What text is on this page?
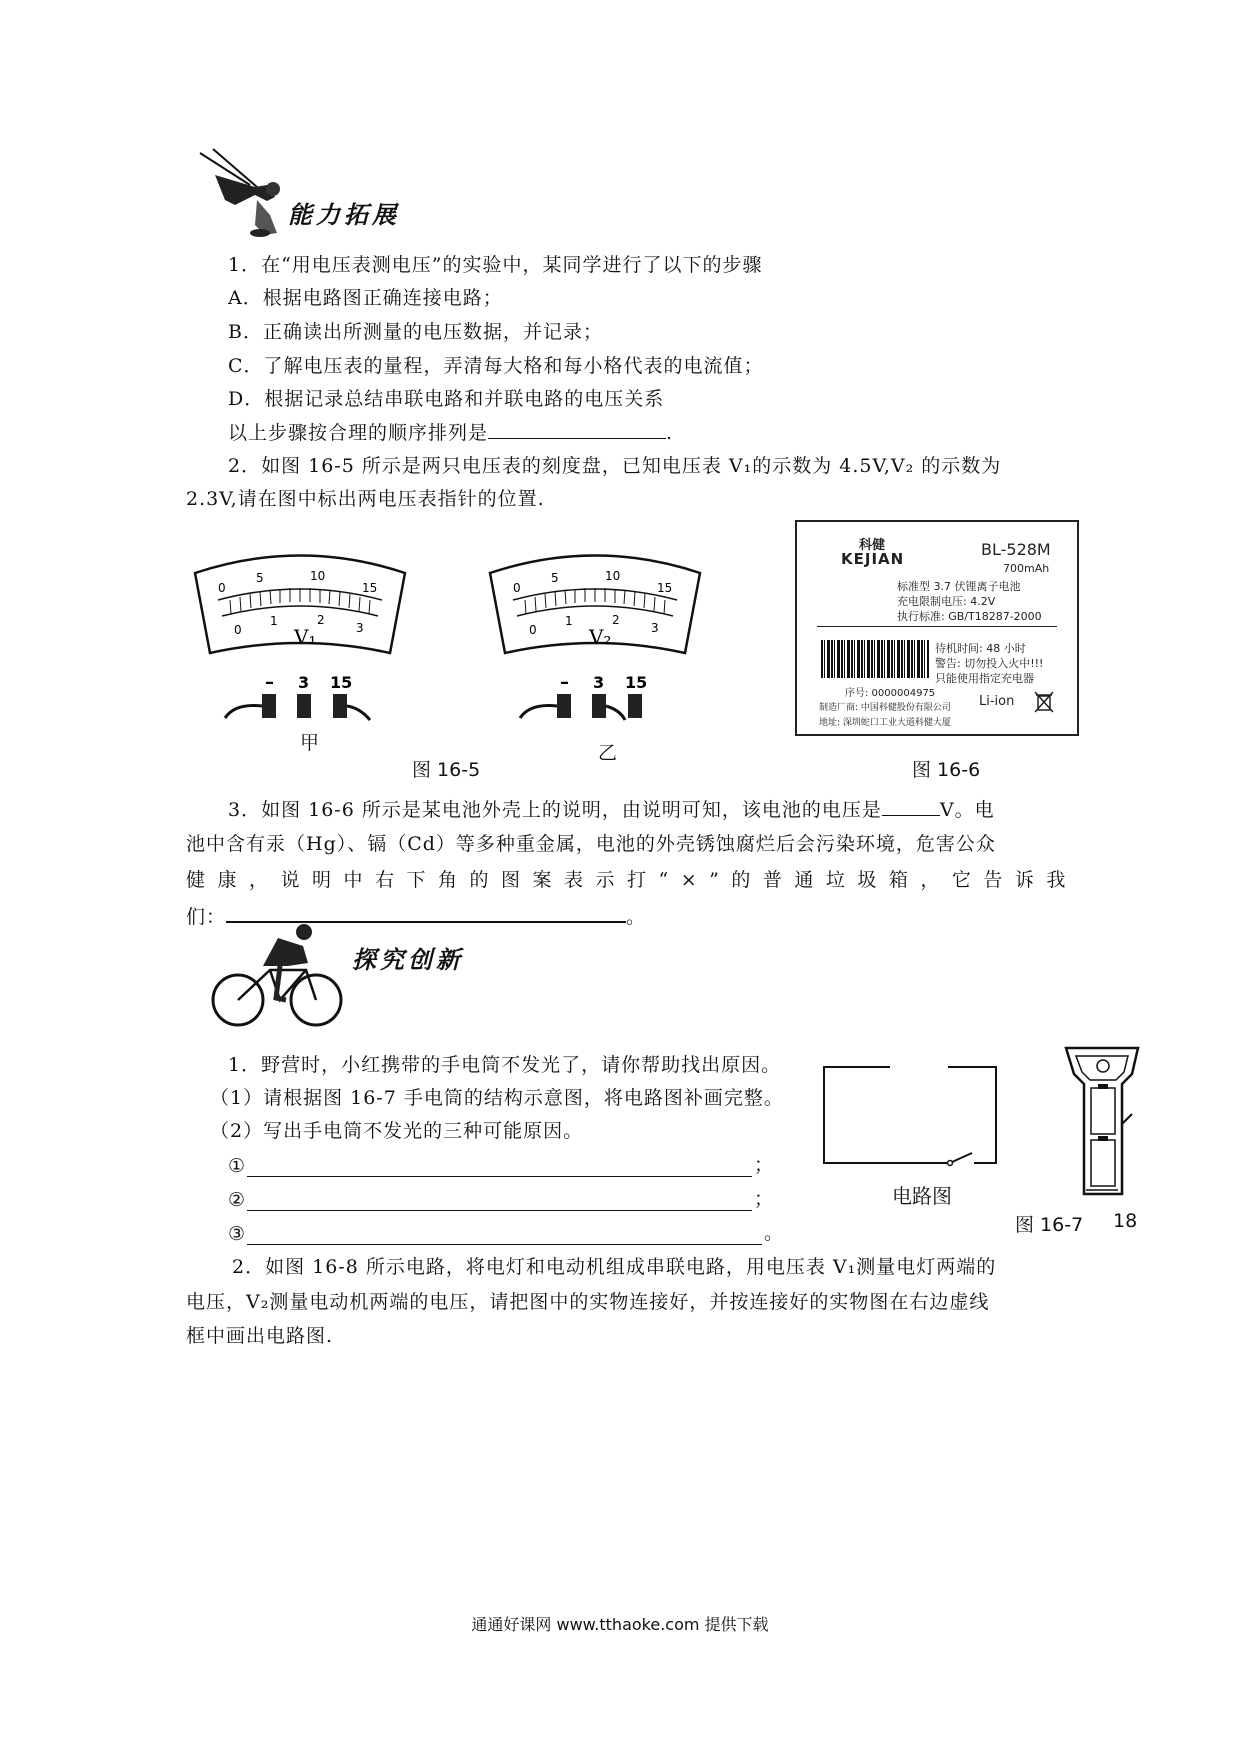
能力拓展
1．在“用电压表测电压”的实验中，某同学进行了以下的步骤
A．根据电路图正确连接电路；
B．正确读出所测量的电压数据，并记录；
C．了解电压表的量程，弄清每大格和每小格代表的电流值；
D．根据记录总结串联电路和并联电路的电压关系
以上步骤按合理的顺序排列是	.
2．如图 16-5 所示是两只电压表的刻度盘，已知电压表 V₁的示数为 4.5V,V₂ 的示数为
2.3V,请在图中标出两电压表指针的位置.
0
5	10
15
0
1	2
3
V₁
– 3 15
甲
0
5	10
15
0
1	2
3
V₂
– 3 15
乙
图 16-5
科健
KEJIAN	BL-528M
700mAh
标准型 3.7 伏锂离子电池
充电限制电压: 4.2V
执行标准: GB/T18287-2000
待机时间: 48 小时
警告: 切勿投入火中!!!
只能使用指定充电器
序号: 0000004975
制造厂商: 中国科健股份有限公司
地址: 深圳蛇口工业大道科健大厦
Li-ion
图 16-6
3．如图 16-6 所示是某电池外壳上的说明，由说明可知，该电池的电压是	V。电
池中含有汞（Hg）、镉（Cd）等多种重金属，电池的外壳锈蚀腐烂后会污染环境，危害公众
健康，说明中右下角的图案表示打“×”的普通垃圾箱，它告诉我
们：	。
探究创新
1．野营时，小红携带的手电筒不发光了，请你帮助找出原因。
（1）请根据图 16-7 手电筒的结构示意图，将电路图补画完整。
（2）写出手电筒不发光的三种可能原因。
①	；
②	；
③	。
电路图
图 16-7 18
2．如图 16-8 所示电路，将电灯和电动机组成串联电路，用电压表 V₁测量电灯两端的
电压，V₂测量电动机两端的电压，请把图中的实物连接好，并按连接好的实物图在右边虚线
框中画出电路图.
通通好课网 www.tthaoke.com 提供下载
